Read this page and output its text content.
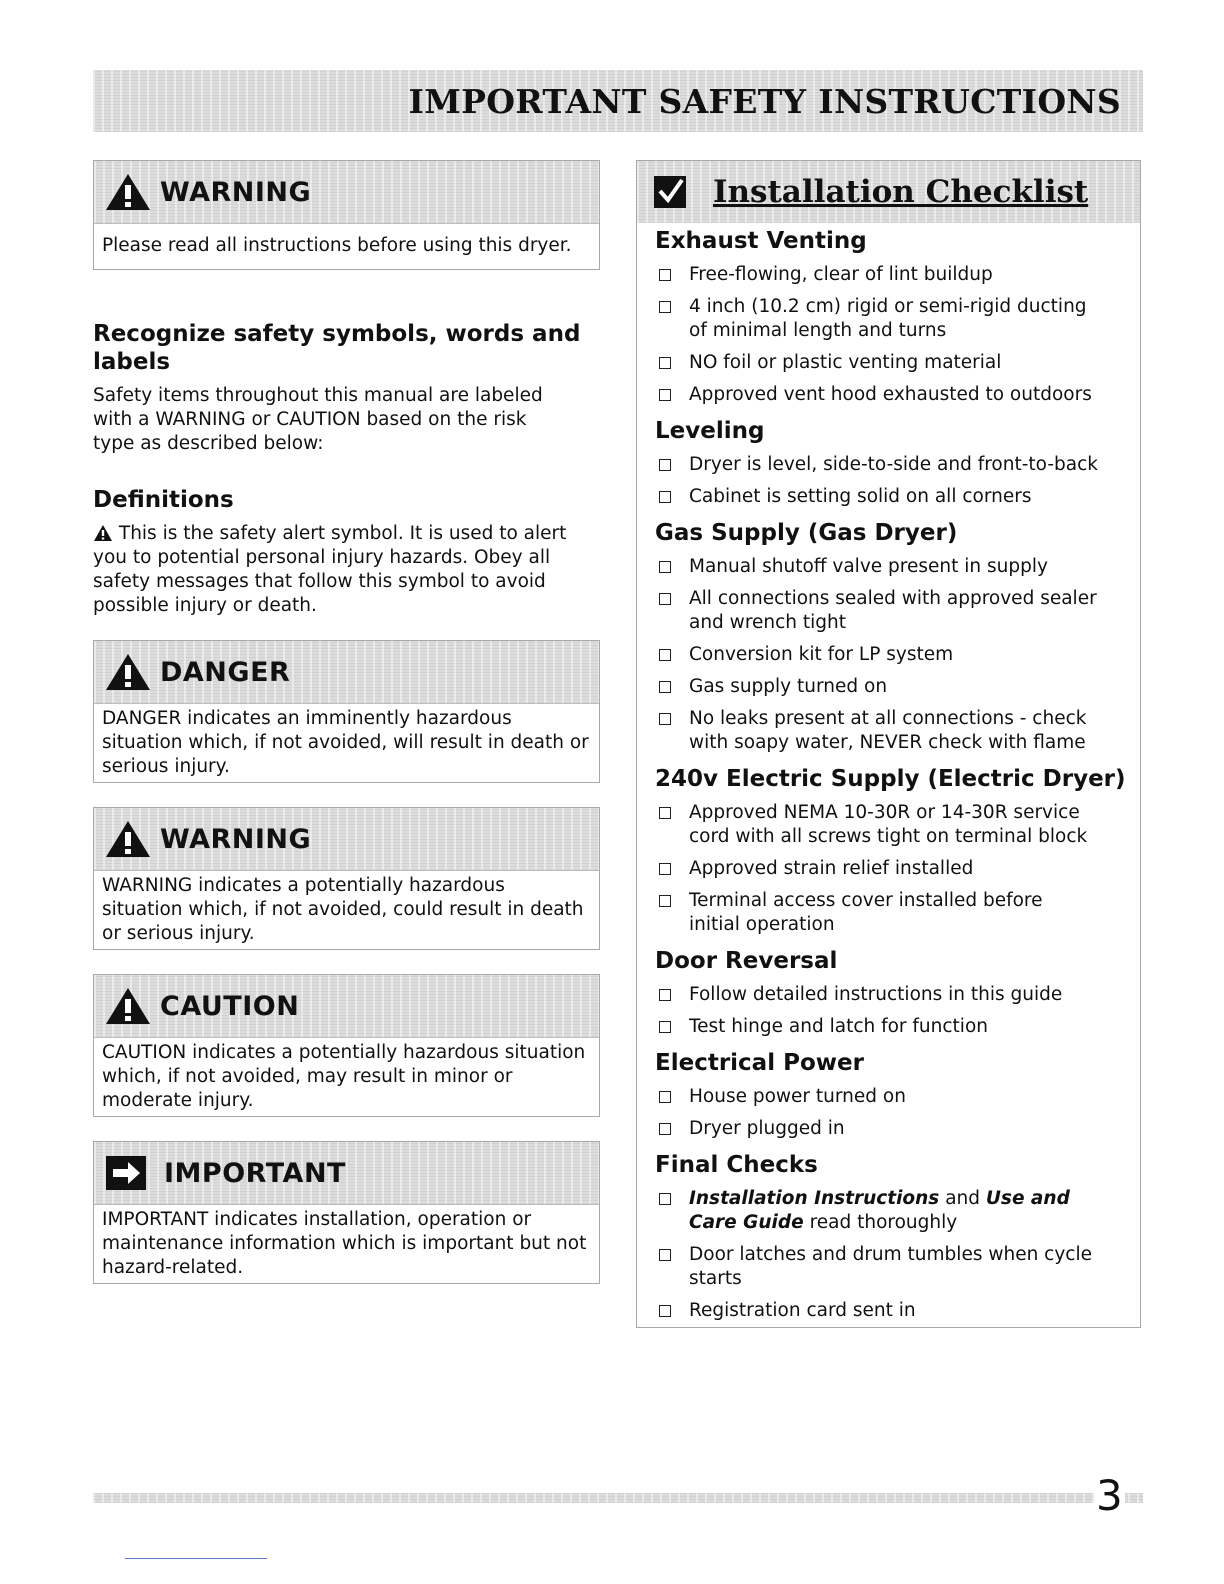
IMPORTANT SAFETY INSTRUCTIONS
WARNING
Please read all instructions before using this dryer.
Recognize safety symbols, words and
labels

Safety items throughout this manual are labeled with a WARNING or CAUTION based on the risk type as described below:

Definitions

This is the safety alert symbol. It is used to alert you to potential personal injury hazards. Obey all safety messages that follow this symbol to avoid possible injury or death.

DANGER
DANGER indicates an imminently hazardous situation which, if not avoided, will result in death or serious injury.
WARNING
WARNING indicates a potentially hazardous situation which, if not avoided, could result in death or serious injury.
CAUTION
CAUTION indicates a potentially hazardous situation which, if not avoided, may result in minor or moderate injury.
IMPORTANT
IMPORTANT indicates installation, operation or maintenance information which is important but not hazard-related.
Installation Checklist
Exhaust Venting
Free-flowing, clear of lint buildup
4 inch (10.2 cm) rigid or semi-rigid ducting of minimal length and turns
NO foil or plastic venting material
Approved vent hood exhausted to outdoors
Leveling
Dryer is level, side-to-side and front-to-back
Cabinet is setting solid on all corners
Gas Supply (Gas Dryer)
Manual shutoff valve present in supply
All connections sealed with approved sealer and wrench tight
Conversion kit for LP system
Gas supply turned on
No leaks present at all connections - check with soapy water, NEVER check with flame
240v Electric Supply (Electric Dryer)
Approved NEMA 10-30R or 14-30R service cord with all screws tight on terminal block
Approved strain relief installed
Terminal access cover installed before initial operation
Door Reversal
Follow detailed instructions in this guide
Test hinge and latch for function
Electrical Power
House power turned on
Dryer plugged in
Final Checks
Installation Instructions and Use and Care Guide read thoroughly
Door latches and drum tumbles when cycle starts
Registration card sent in
3
